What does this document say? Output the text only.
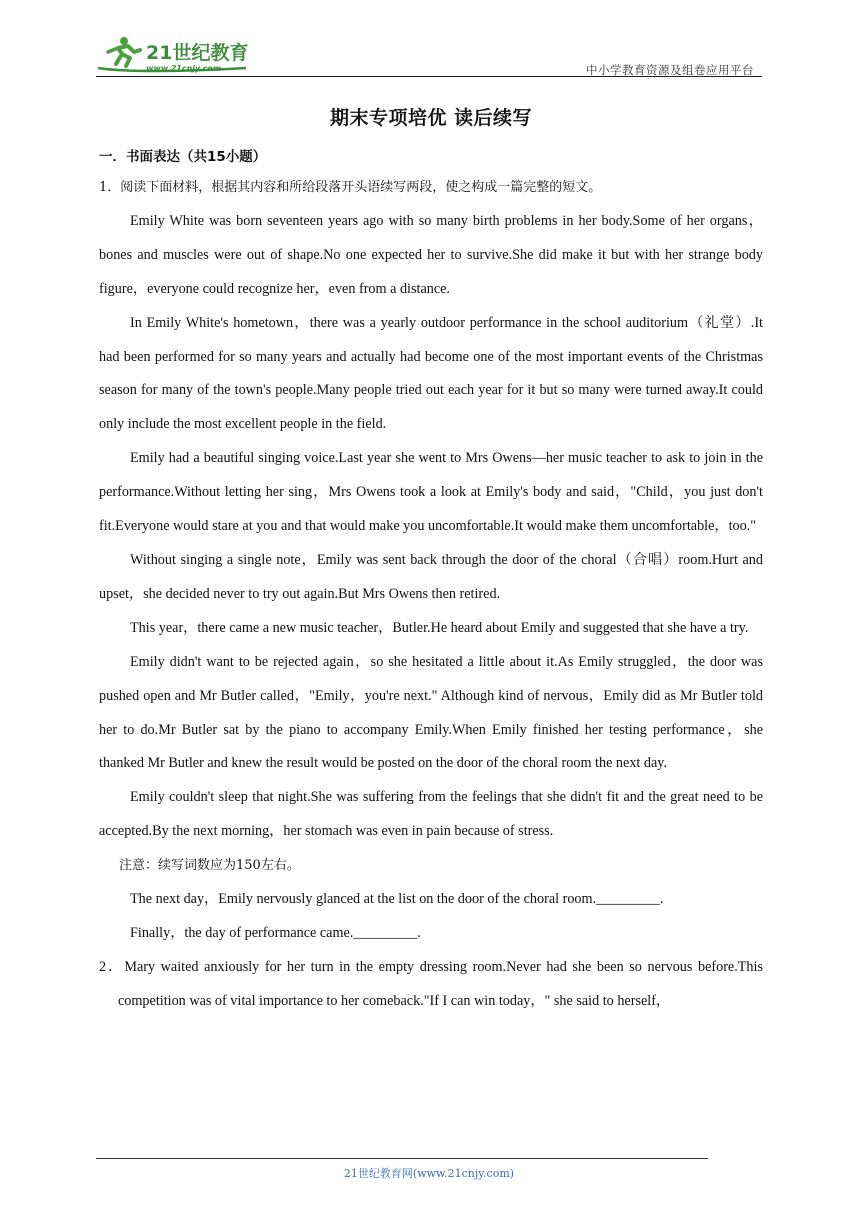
21世纪教育
www.21cnjy.com	中小学教育资源及组卷应用平台
期末专项培优 读后续写

一．书面表达（共15小题）

1．阅读下面材料，根据其内容和所给段落开头语续写两段，使之构成一篇完整的短文。

Emily White was born seventeen years ago with so many birth problems in her body.Some of her organs，bones and muscles were out of shape.No one expected her to survive.She did make it but with her strange body figure，everyone could recognize her，even from a distance.

In Emily White's hometown，there was a yearly outdoor performance in the school auditorium（礼堂）.It had been performed for so many years and actually had become one of the most important events of the Christmas season for many of the town's people.Many people tried out each year for it but so many were turned away.It could only include the most excellent people in the field.

Emily had a beautiful singing voice.Last year she went to Mrs Owens—her music teacher to ask to join in the performance.Without letting her sing，Mrs Owens took a look at Emily's body and said，"Child，you just don't fit.Everyone would stare at you and that would make you uncomfortable.It would make them uncomfortable，too."

Without singing a single note，Emily was sent back through the door of the choral（合唱）room.Hurt and upset，she decided never to try out again.But Mrs Owens then retired.

This year，there came a new music teacher，Butler.He heard about Emily and suggested that she have a try.

Emily didn't want to be rejected again，so she hesitated a little about it.As Emily struggled，the door was pushed open and Mr Butler called，"Emily，you're next." Although kind of nervous，Emily did as Mr Butler told her to do.Mr Butler sat by the piano to accompany Emily.When Emily finished her testing performance，she thanked Mr Butler and knew the result would be posted on the door of the choral room the next day.

Emily couldn't sleep that night.She was suffering from the feelings that she didn't fit and the great need to be accepted.By the next morning，her stomach was even in pain because of stress.

注意：续写词数应为150左右。

The next day，Emily nervously glanced at the list on the door of the choral room._________.

Finally，the day of performance came._________.

2．Mary waited anxiously for her turn in the empty dressing room.Never had she been so nervous before.This competition was of vital importance to her comeback."If I can win today，" she said to herself，

21世纪教育网(www.21cnjy.com)
